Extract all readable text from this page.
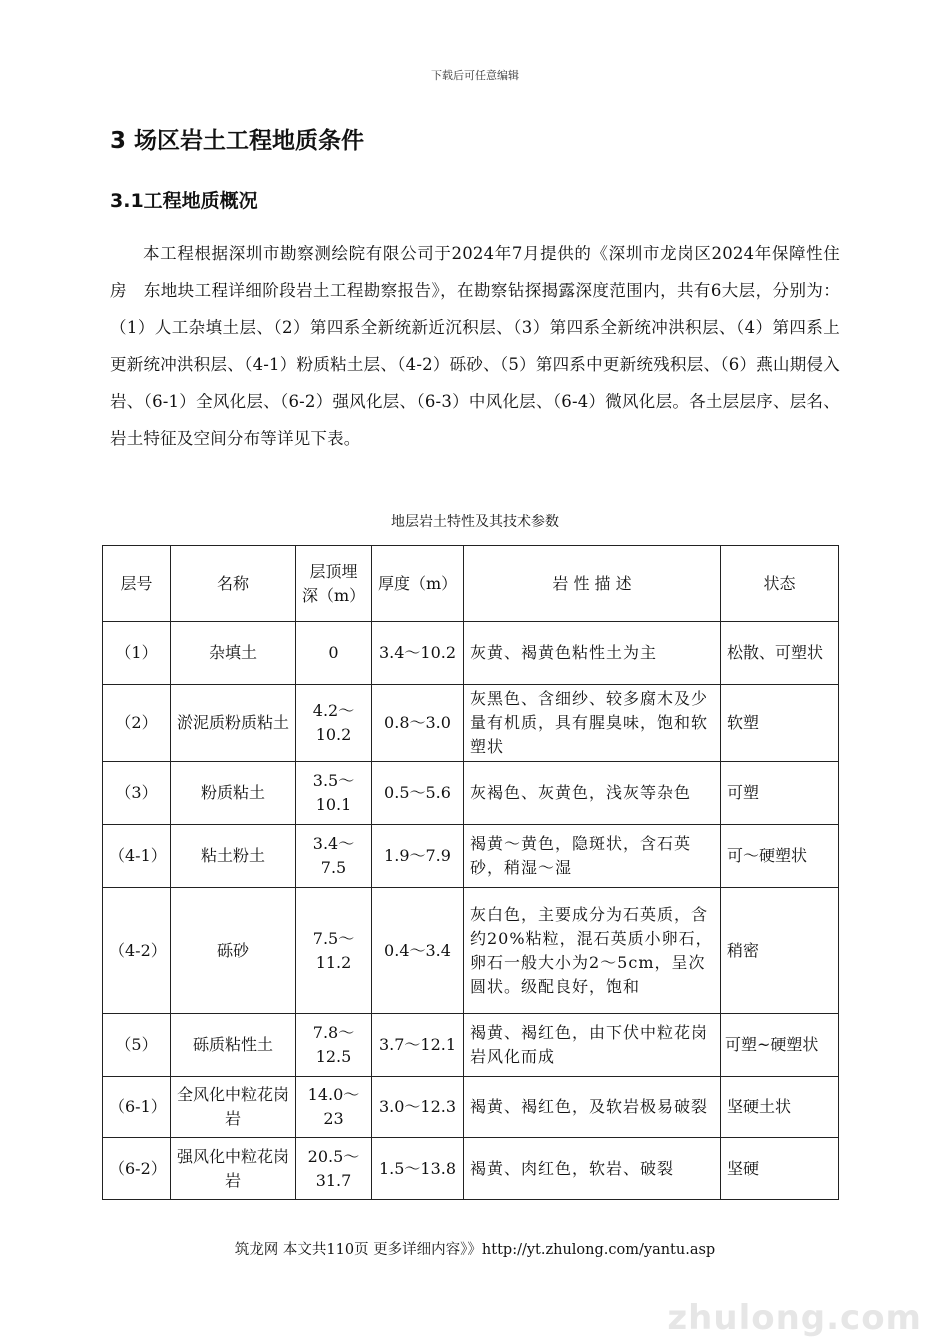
下载后可任意编辑
3 场区岩土工程地质条件
3.1工程地质概况
本工程根据深圳市勘察测绘院有限公司于2024年7月提供的《深圳市龙岗区2024年保障性住房　东地块工程详细阶段岩土工程勘察报告》，在勘察钻探揭露深度范围内，共有6大层，分别为：（1）人工杂填土层、（2）第四系全新统新近沉积层、（3）第四系全新统冲洪积层、（4）第四系上更新统冲洪积层、（4-1）粉质粘土层、（4-2）砾砂、（5）第四系中更新统残积层、（6）燕山期侵入岩、（6-1）全风化层、（6-2）强风化层、（6-3）中风化层、（6-4）微风化层。各土层层序、层名、岩土特征及空间分布等详见下表。
地层岩土特性及其技术参数
层号	名称	层顶埋深（m）	厚度（m）	岩 性 描 述	状态
（1）	杂填土	0	3.4～10.2	灰黄、褐黄色粘性土为主	松散、可塑状
（2）	淤泥质粉质粘土	4.2～10.2	0.8～3.0	灰黑色、含细纱、较多腐木及少量有机质，具有腥臭味，饱和软塑状	软塑
（3）	粉质粘土	3.5～10.1	0.5～5.6	灰褐色、灰黄色，浅灰等杂色	可塑
（4-1）	粘土粉土	3.4～7.5	1.9～7.9	褐黄～黄色，隐斑状，含石英砂，稍湿～湿	可～硬塑状
（4-2）	砾砂	7.5～11.2	0.4～3.4	灰白色，主要成分为石英质，含约20%粘粒，混石英质小卵石，卵石一般大小为2～5cm，呈次圆状。级配良好，饱和	稍密
（5）	砾质粘性土	7.8～12.5	3.7～12.1	褐黄、褐红色，由下伏中粒花岗岩风化而成	可塑~硬塑状
（6-1）	全风化中粒花岗岩	14.0～23	3.0～12.3	褐黄、褐红色，及软岩极易破裂	坚硬土状
（6-2）	强风化中粒花岗岩	20.5～31.7	1.5～13.8	褐黄、肉红色，软岩、破裂	坚硬
筑龙网 本文共110页 更多详细内容》》http://yt.zhulong.com/yantu.asp
zhulong.com
